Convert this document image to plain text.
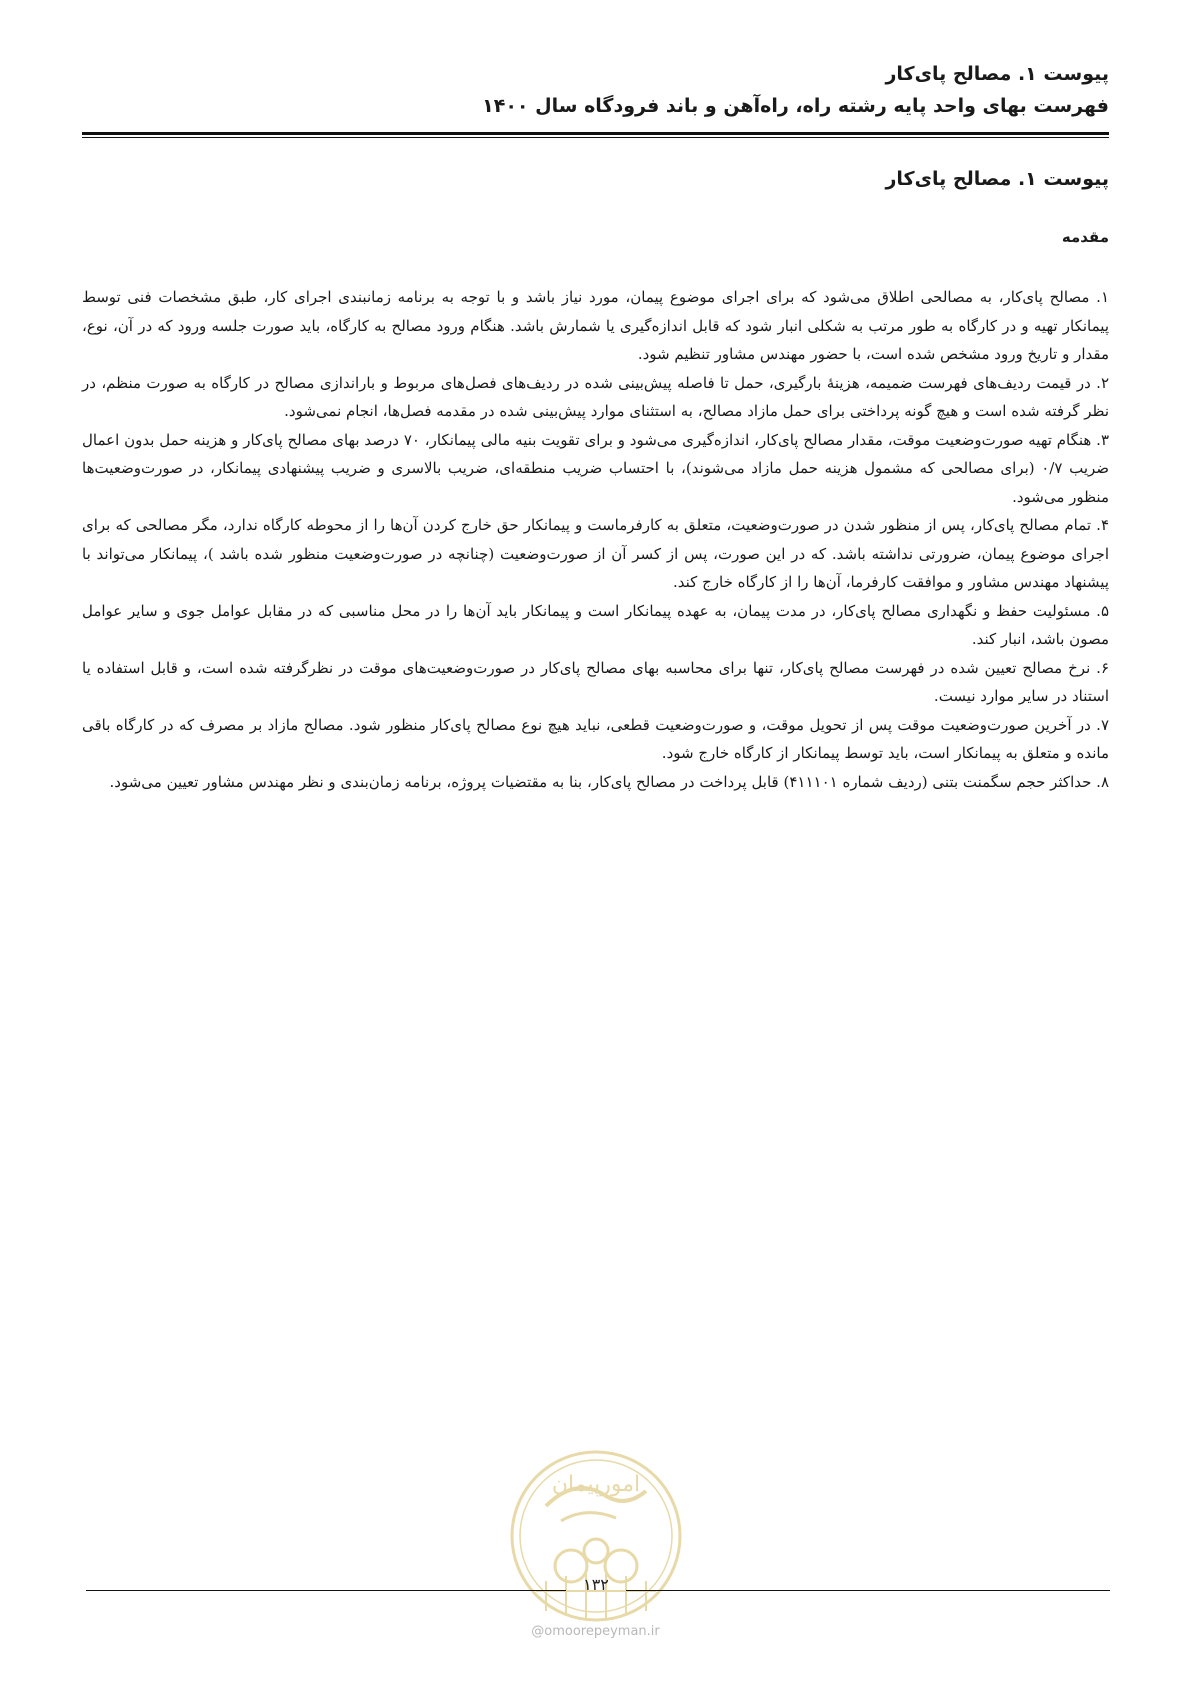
پیوست ۱. مصالح پای‌کار
فهرست بهای واحد پایه رشته راه، راه‌آهن و باند فرودگاه سال ۱۴۰۰
پیوست ۱. مصالح پای‌کار
مقدمه

۱. مصالح پای‌کار، به مصالحی اطلاق می‌شود که برای اجرای موضوع پیمان، مورد نیاز باشد و با توجه به برنامه زمانبندی اجرای کار، طبق مشخصات فنی توسط پیمانکار تهیه و در کارگاه به طور مرتب به شکلی انبار شود که قابل اندازه‌گیری یا شمارش باشد. هنگام ورود مصالح به کارگاه، باید صورت جلسه ورود که در آن، نوع، مقدار و تاریخ ورود مشخص شده است، با حضور مهندس مشاور تنظیم شود.

۲. در قیمت ردیف‌های فهرست ضمیمه، هزینهٔ بارگیری، حمل تا فاصله پیش‌بینی شده در ردیف‌های فصل‌های مربوط و باراندازی مصالح در کارگاه به صورت منظم، در نظر گرفته شده است و هیچ گونه پرداختی برای حمل مازاد مصالح، به استثنای موارد پیش‌بینی شده در مقدمه فصل‌ها، انجام نمی‌شود.

۳. هنگام تهیه صورت‌وضعیت موقت، مقدار مصالح پای‌کار، اندازه‌گیری می‌شود و برای تقویت بنیه مالی پیمانکار، ۷۰ درصد بهای مصالح پای‌کار و هزینه حمل بدون اعمال ضریب ۰/۷ (برای مصالحی که مشمول هزینه حمل مازاد می‌شوند)، با احتساب ضریب منطقه‌ای، ضریب بالاسری و ضریب پیشنهادی پیمانکار، در صورت‌وضعیت‌ها منظور می‌شود.

۴. تمام مصالح پای‌کار، پس از منظور شدن در صورت‌وضعیت، متعلق به کارفرماست و پیمانکار حق خارج کردن آن‌ها را از محوطه کارگاه ندارد، مگر مصالحی که برای اجرای موضوع پیمان، ضرورتی نداشته باشد. که در این صورت، پس از کسر آن از صورت‌وضعیت (چنانچه در صورت‌وضعیت منظور شده باشد )، پیمانکار می‌تواند با پیشنهاد مهندس مشاور و موافقت کارفرما، آن‌ها را از کارگاه خارج کند.

۵. مسئولیت حفظ و نگهداری مصالح پای‌کار، در مدت پیمان، به عهده پیمانکار است و پیمانکار باید آن‌ها را در محل مناسبی که در مقابل عوامل جوی و سایر عوامل مصون باشد، انبار کند.

۶. نرخ مصالح تعیین شده در فهرست مصالح پای‌کار، تنها برای محاسبه بهای مصالح پای‌کار در صورت‌وضعیت‌های موقت در نظرگرفته شده است، و قابل استفاده یا استناد در سایر موارد نیست.

۷. در آخرین صورت‌وضعیت موقت پس از تحویل موقت، و صورت‌وضعیت قطعی، نباید هیچ نوع مصالح پای‌کار منظور شود. مصالح مازاد بر مصرف که در کارگاه باقی مانده و متعلق به پیمانکار است، باید توسط پیمانکار از کارگاه خارج شود.

۸. حداکثر حجم سگمنت بتنی (ردیف شماره ۴۱۱۱۰۱) قابل پرداخت در مصالح پای‌کار، بنا به مقتضیات پروژه، برنامه زمان‌بندی و نظر مهندس مشاور تعیین می‌شود.

امورپیمان
۱۳۲
@omoorepeyman.ir
